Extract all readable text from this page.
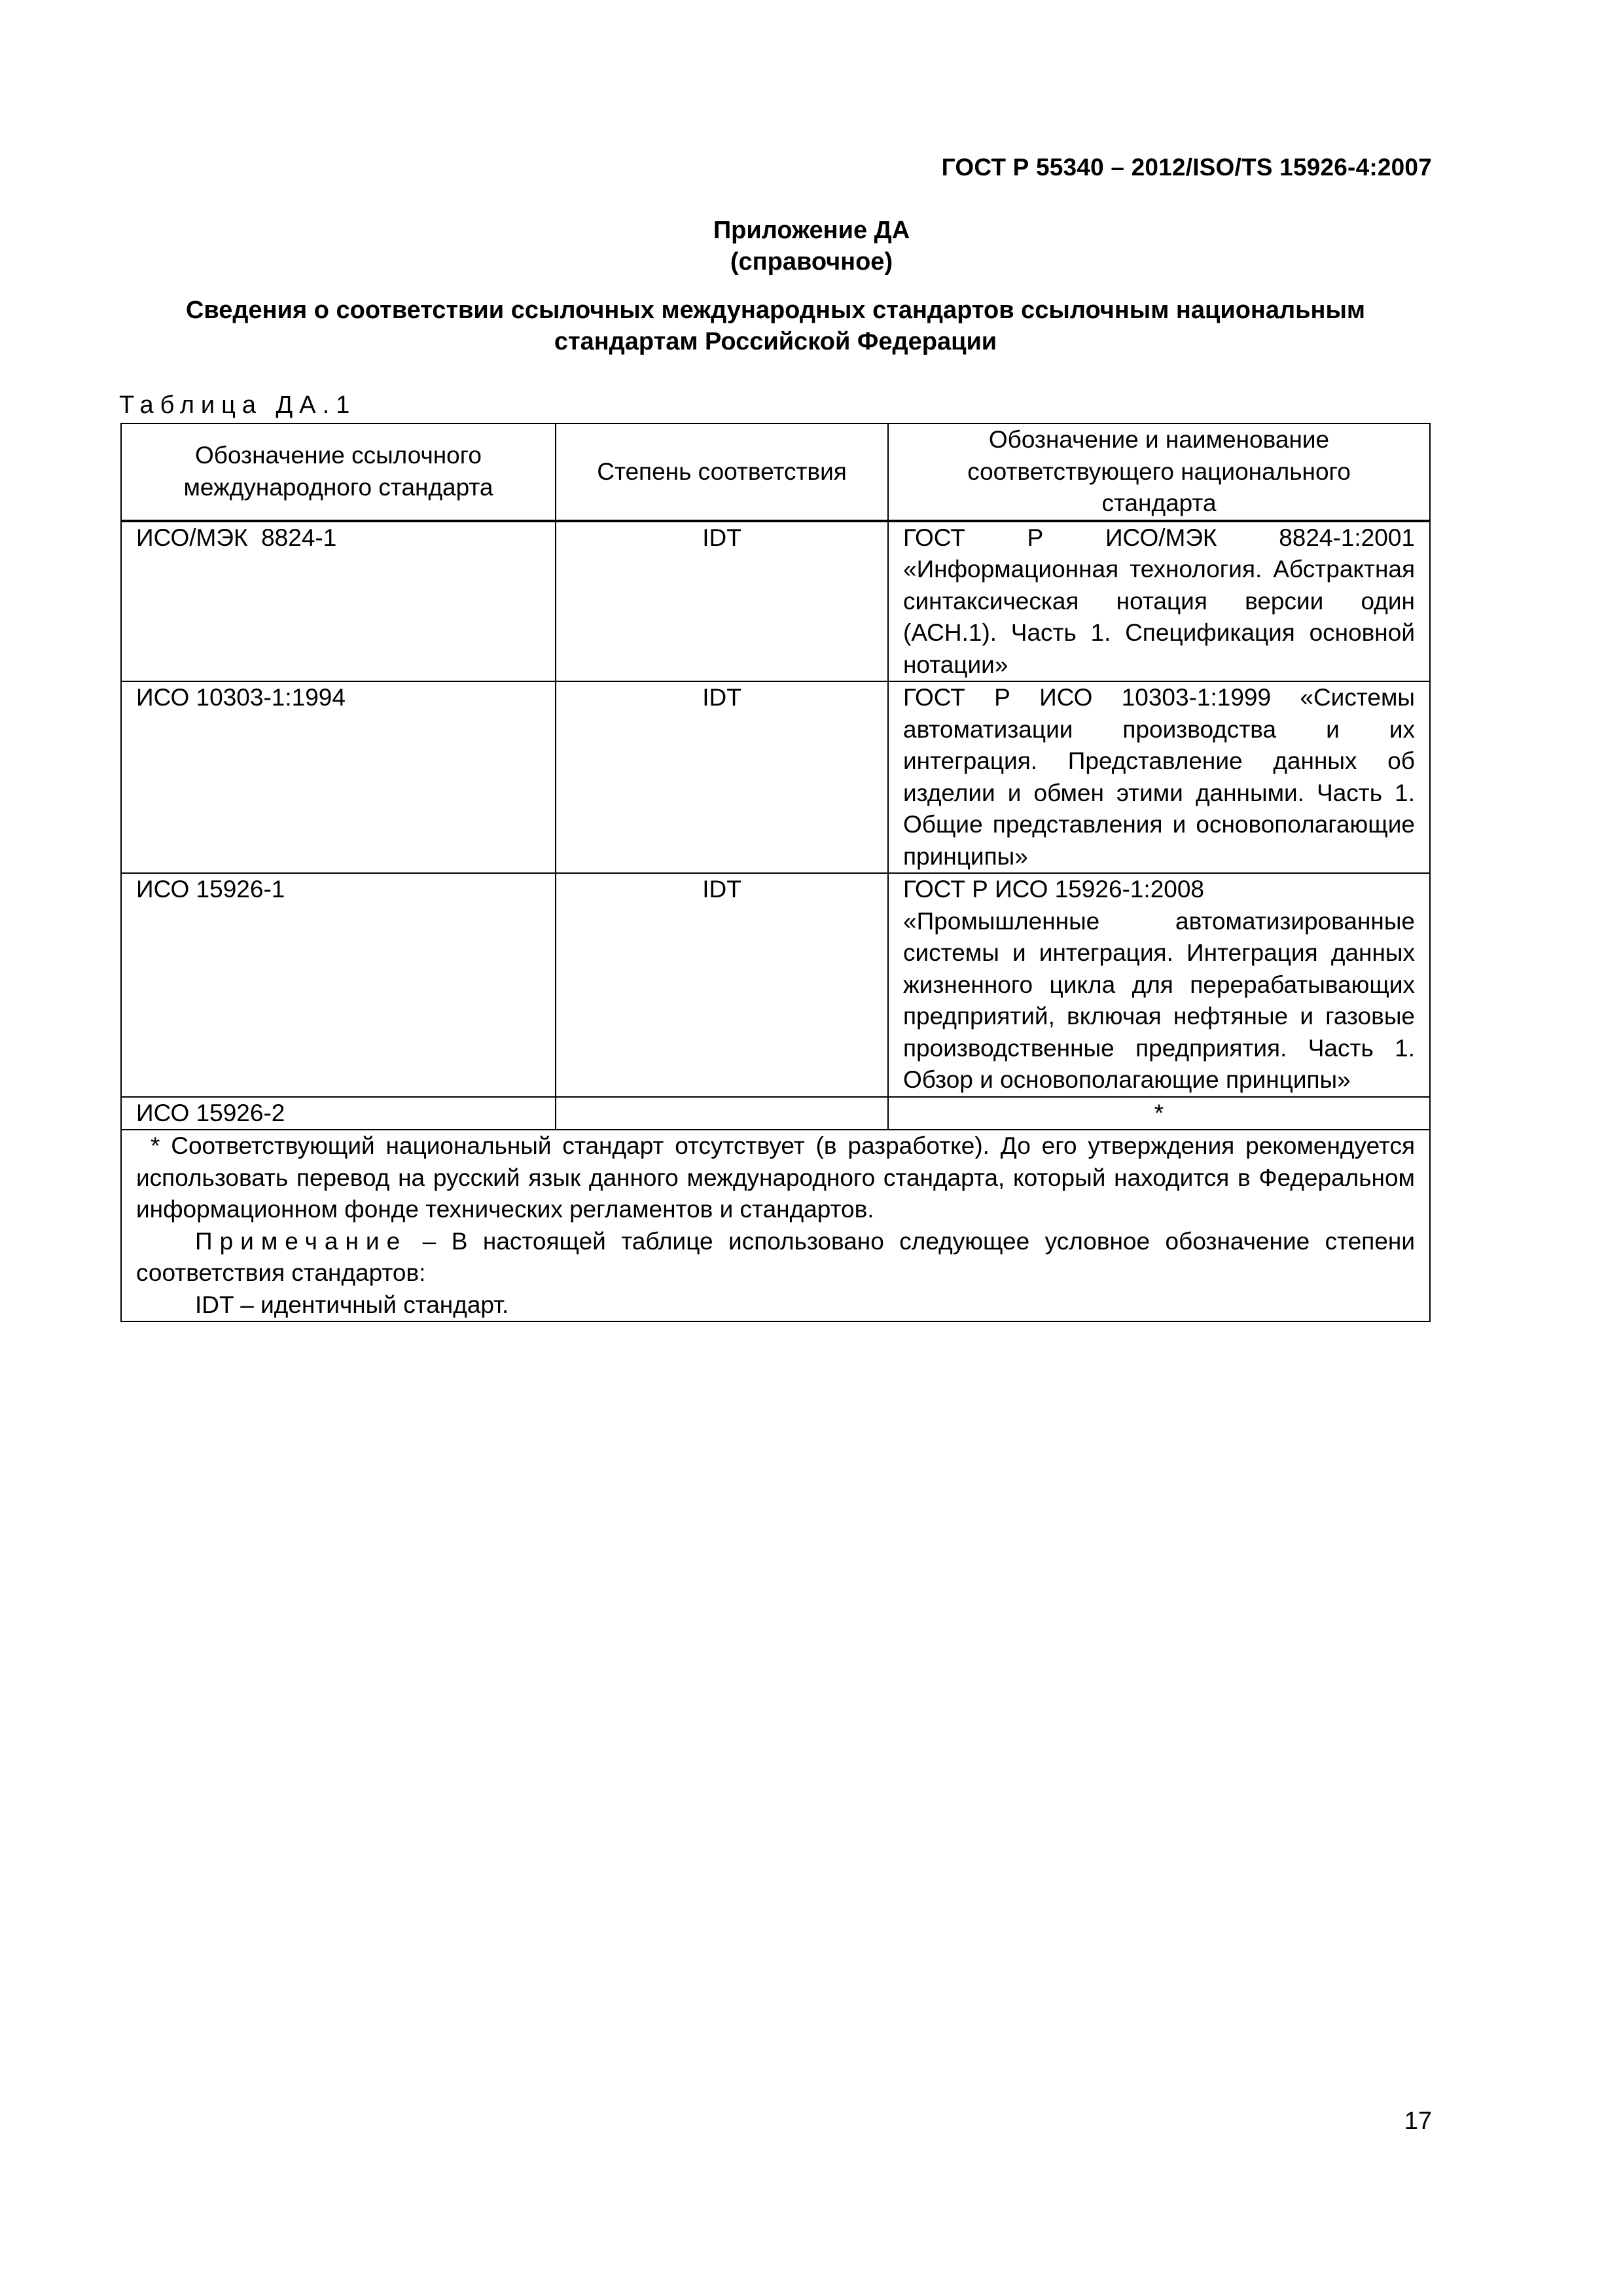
ГОСТ Р 55340 – 2012/ISO/TS 15926-4:2007
Приложение ДА
(справочное)
Сведения о соответствии ссылочных международных стандартов ссылочным национальным
стандартам Российской Федерации
Таблица ДА.1
Обозначение ссылочного международного стандарта	Степень соответствия	Обозначение и наименование соответствующего национального стандарта
ИСО/МЭК  8824-1	IDT	ГОСТ Р ИСО/МЭК 8824-1:2001 «Информационная технология. Абстрактная синтаксическая нотация версии один (АСН.1). Часть 1. Спецификация основной нотации»
ИСО 10303-1:1994	IDT	ГОСТ Р ИСО 10303-1:1999 «Системы автоматизации производства и их интеграция. Представление данных об изделии и обмен этими данными. Часть 1. Общие представления и основополагающие принципы»
ИСО 15926-1	IDT	ГОСТ Р ИСО 15926-1:2008
«Промышленные автоматизированные системы и интеграция. Интеграция данных жизненного цикла для перерабатывающих предприятий, включая нефтяные и газовые производственные предприятия. Часть 1. Обзор и основополагающие принципы»

ИСО 15926-2		*

* Соответствующий национальный стандарт отсутствует (в разработке). До его утверждения рекомендуется использовать перевод на русский язык данного международного стандарта, который находится в Федеральном информационном фонде технических регламентов и стандартов.

Примечание – В настоящей таблице использовано следующее условное обозначение степени соответствия стандартов:

IDT – идентичный стандарт.		

17
